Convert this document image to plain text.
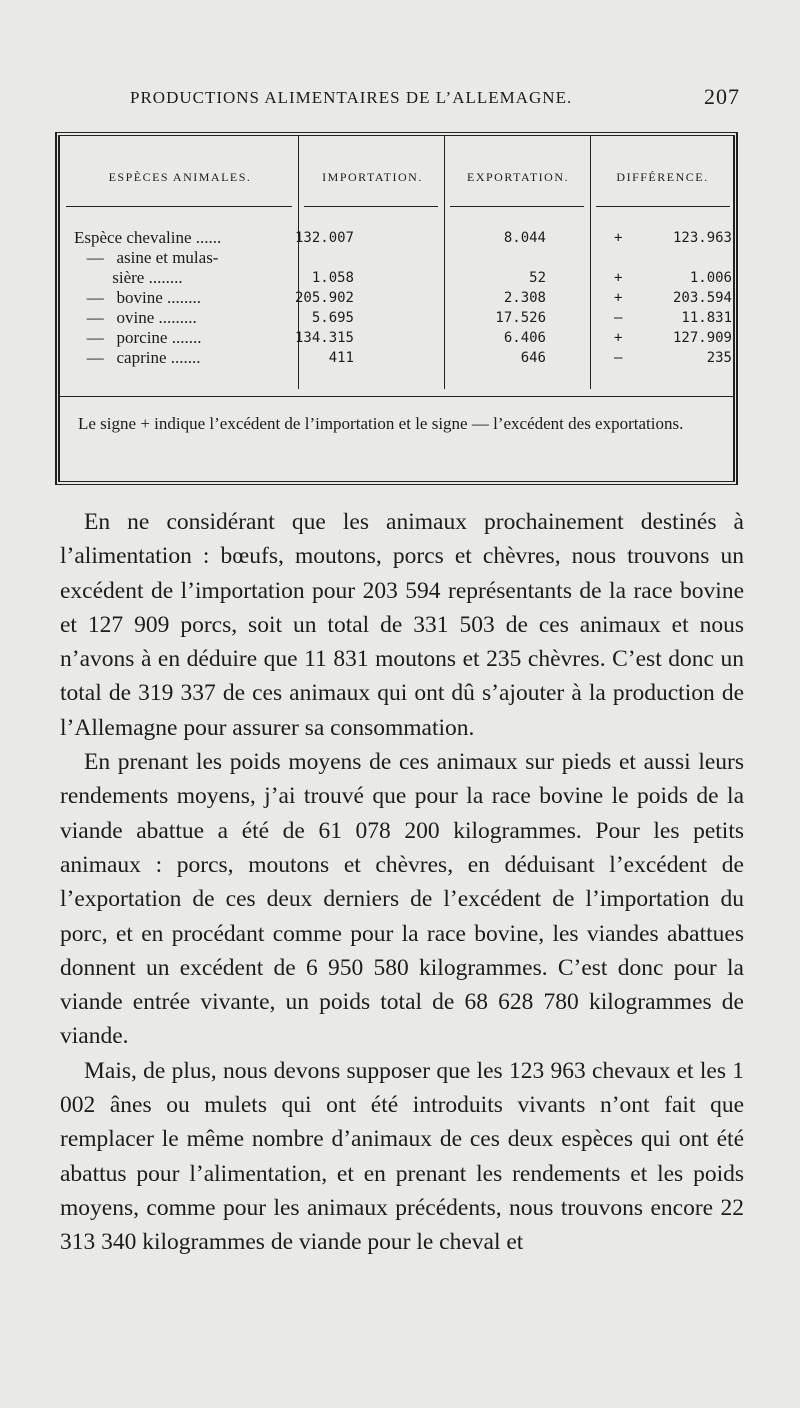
PRODUCTIONS ALIMENTAIRES DE L’ALLEMAGNE.	207
ESPÈCES ANIMALES.	IMPORTATION.	EXPORTATION.	DIFFÉRENCE.
Espèce chevaline ......	132.007	8.044	+	123.963
—   asine et mulas-
sière ........	1.058	52	+	1.006
—   bovine ........	205.902	2.308	+	203.594
—   ovine .........	5.695	17.526	—	11.831
—   porcine .......	134.315	6.406	+	127.909
—   caprine .......	411	646	—	235
Le signe + indique l’excédent de l’importation et le signe — l’excédent des exportations.

En ne considérant que les animaux prochainement destinés à l’alimentation : bœufs, moutons, porcs et chèvres, nous trouvons un excédent de l’importation pour 203 594 représentants de la race bovine et 127 909 porcs, soit un total de 331 503 de ces animaux et nous n’avons à en déduire que 11 831 moutons et 235 chèvres. C’est donc un total de 319 337 de ces animaux qui ont dû s’ajouter à la production de l’Allemagne pour assurer sa consommation.

En prenant les poids moyens de ces animaux sur pieds et aussi leurs rendements moyens, j’ai trouvé que pour la race bovine le poids de la viande abattue a été de 61 078 200 kilogrammes. Pour les petits animaux : porcs, moutons et chèvres, en déduisant l’excédent de l’exportation de ces deux derniers de l’excédent de l’importation du porc, et en procédant comme pour la race bovine, les viandes abattues donnent un excédent de 6 950 580 kilogrammes. C’est donc pour la viande entrée vivante, un poids total de 68 628 780 kilogrammes de viande.

Mais, de plus, nous devons supposer que les 123 963 chevaux et les 1 002 ânes ou mulets qui ont été introduits vivants n’ont fait que remplacer le même nombre d’animaux de ces deux espèces qui ont été abattus pour l’alimentation, et en prenant les rendements et les poids moyens, comme pour les animaux précédents, nous trouvons encore 22 313 340 kilogrammes de viande pour le cheval et
